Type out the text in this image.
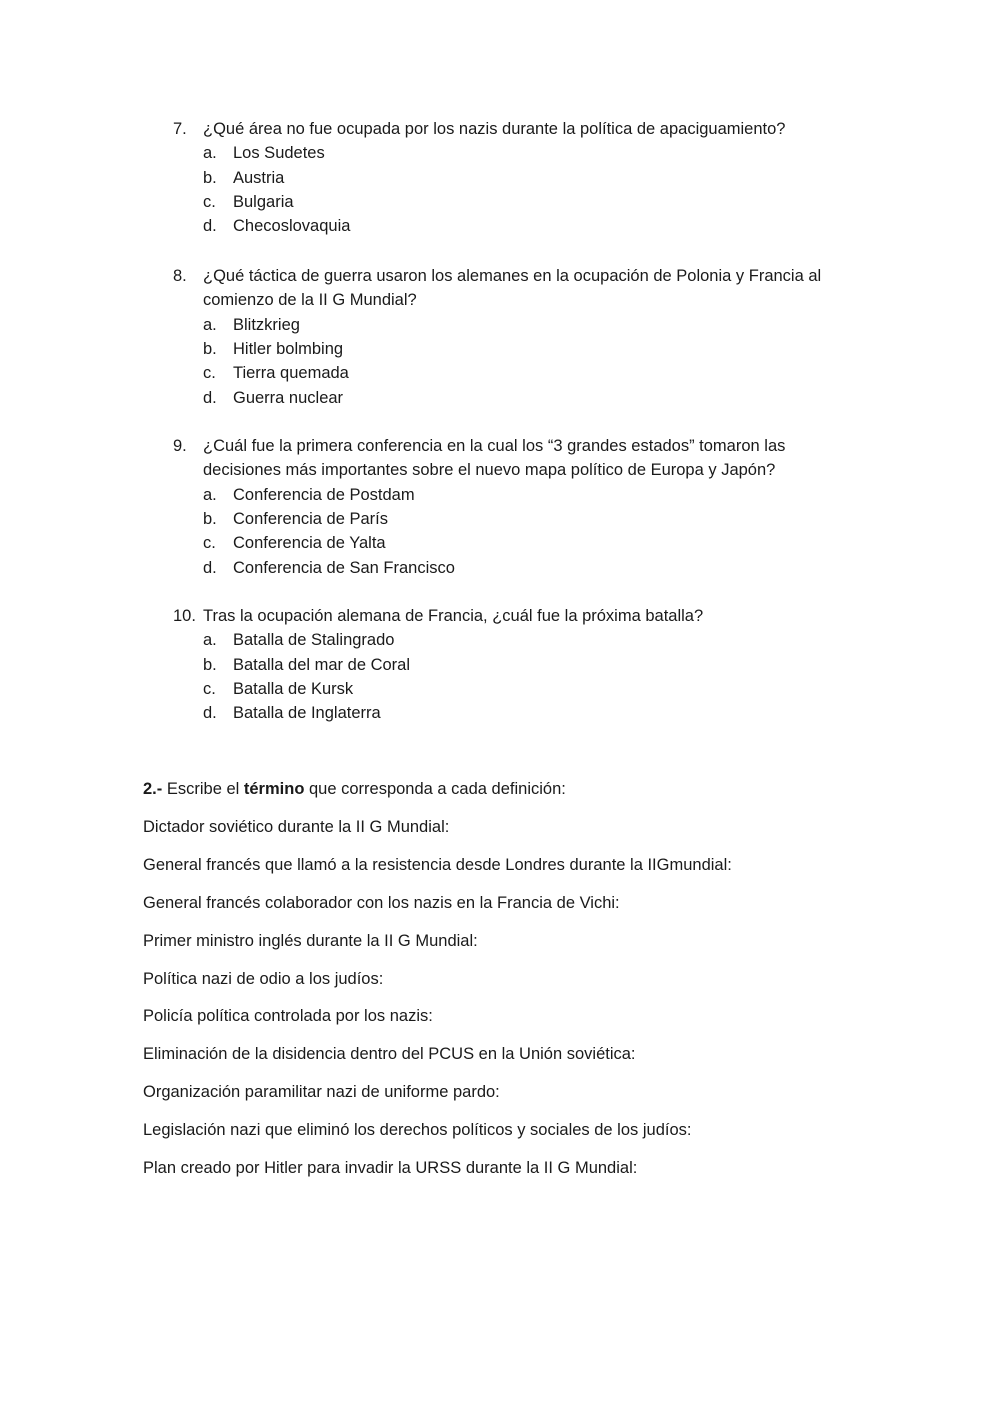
7. ¿Qué área no fue ocupada por los nazis durante la política de apaciguamiento?
a. Los Sudetes
b. Austria
c.	Bulgaria
d. Checoslovaquia
8. ¿Qué táctica de guerra usaron los alemanes en la ocupación de Polonia y Francia al comienzo de la II G Mundial?
a. Blitzkrieg
b. Hitler bolmbing
c.	Tierra quemada
d. Guerra nuclear
9. ¿Cuál fue la primera conferencia en la cual los “3 grandes estados” tomaron las decisiones más importantes sobre el nuevo mapa político de Europa y Japón?
a. Conferencia de Postdam
b. Conferencia de París
c.	Conferencia de Yalta
d. Conferencia de San Francisco
10. Tras la ocupación alemana de Francia, ¿cuál fue la próxima batalla?
a. Batalla de Stalingrado
b. Batalla del mar de Coral
c.	Batalla de Kursk
d. Batalla de Inglaterra
2.- Escribe el término que corresponda a cada definición:
Dictador soviético durante la II G Mundial:
General francés que llamó a la resistencia desde Londres durante la IIGmundial:
General francés colaborador con los nazis en la Francia de Vichi:
Primer ministro inglés durante la II G Mundial:
Política nazi de odio a los judíos:
Policía política controlada por los nazis:
Eliminación de la disidencia dentro del PCUS en la Unión soviética:
Organización paramilitar nazi de uniforme pardo:
Legislación nazi que eliminó los derechos políticos y sociales de los judíos:
Plan creado por Hitler para invadir la URSS durante la II G Mundial:
